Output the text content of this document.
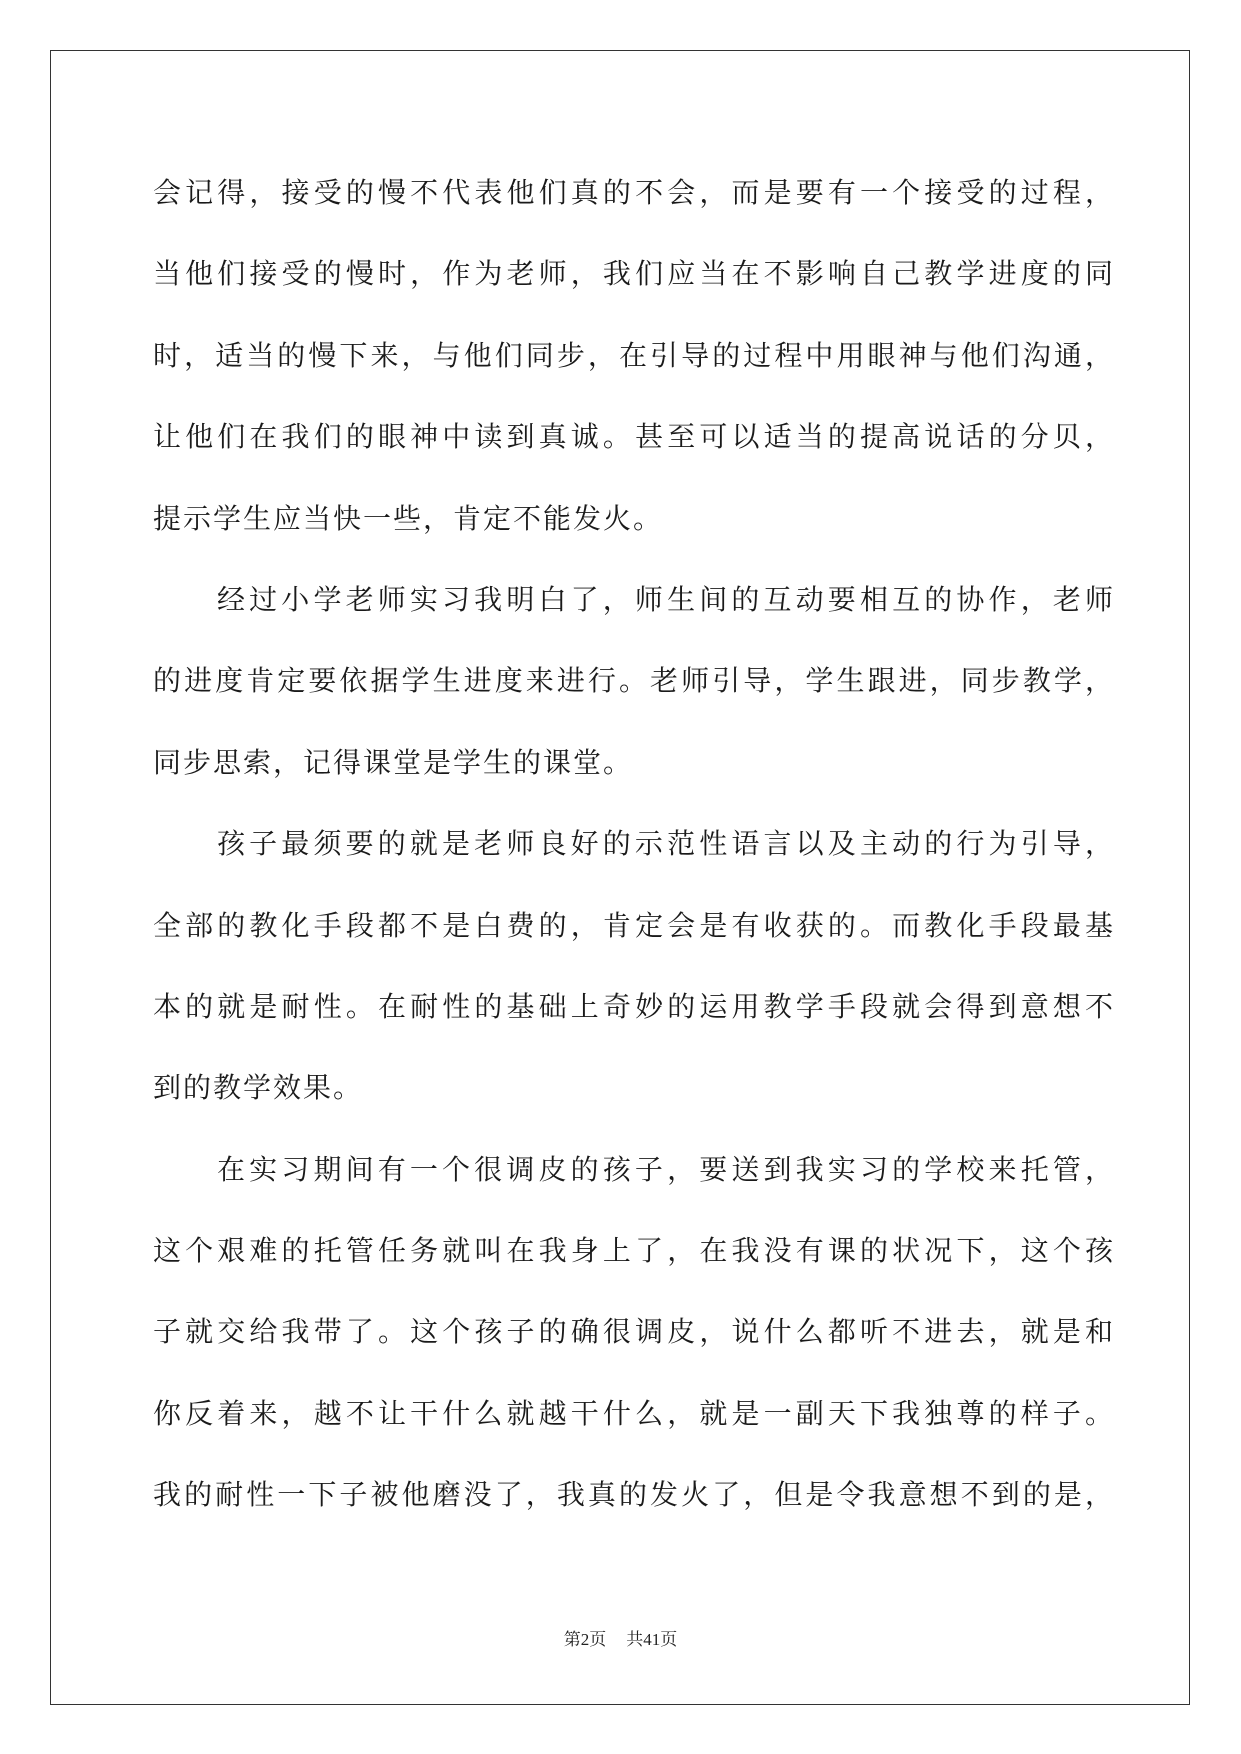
会记得，接受的慢不代表他们真的不会，而是要有一个接受的过程，
当他们接受的慢时，作为老师，我们应当在不影响自己教学进度的同
时，适当的慢下来，与他们同步，在引导的过程中用眼神与他们沟通，
让他们在我们的眼神中读到真诚。甚至可以适当的提高说话的分贝，
提示学生应当快一些，肯定不能发火。
经过小学老师实习我明白了，师生间的互动要相互的协作，老师
的进度肯定要依据学生进度来进行。老师引导，学生跟进，同步教学，
同步思索，记得课堂是学生的课堂。
孩子最须要的就是老师良好的示范性语言以及主动的行为引导，
全部的教化手段都不是白费的，肯定会是有收获的。而教化手段最基
本的就是耐性。在耐性的基础上奇妙的运用教学手段就会得到意想不
到的教学效果。
在实习期间有一个很调皮的孩子，要送到我实习的学校来托管，
这个艰难的托管任务就叫在我身上了，在我没有课的状况下，这个孩
子就交给我带了。这个孩子的确很调皮，说什么都听不进去，就是和
你反着来，越不让干什么就越干什么，就是一副天下我独尊的样子。
我的耐性一下子被他磨没了，我真的发火了，但是令我意想不到的是，
第2页 共41页
